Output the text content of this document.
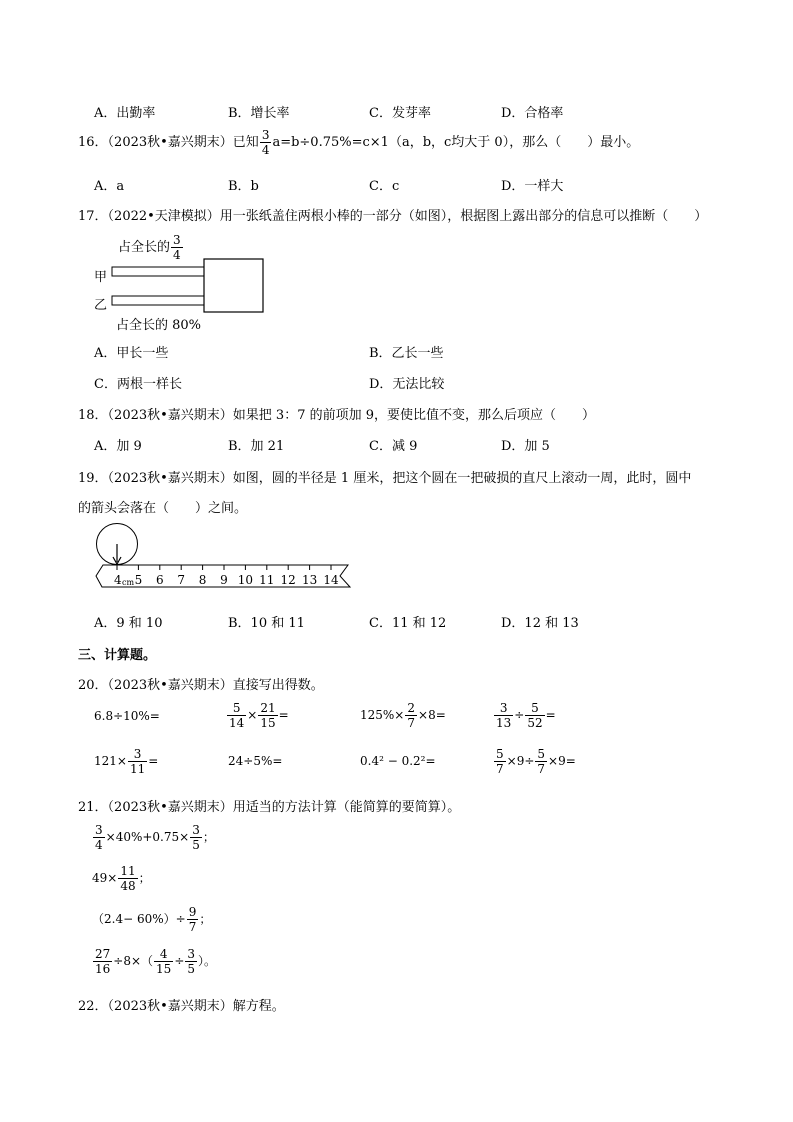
A．出勤率	B．增长率	C．发芽率	D．合格率
16．（2023秋•嘉兴期末）已知 $\frac{3}{4} a=b\div 0.75\%=c\times 1(a$，b，c均大于 0），那么（　　）最小。
A．a	B．b	C．c	D．一样大
17．（2022•天津模拟）用一张纸盖住两根小棒的一部分（如图），根据图上露出部分的信息可以推断（　　）
占全长的 $\frac{3}{4}$
甲
乙
占全长的 80%
A．甲长一些	B．乙长一些
C．两根一样长	D．无法比较
18．（2023秋•嘉兴期末）如果把 3：7 的前项加 9，要使比值不变，那么后项应（　　）
A．加 9	B．加 21	C．减 9	D．加 5
19．（2023秋•嘉兴期末）如图，圆的半径是 1 厘米，把这个圆在一把破损的直尺上滚动一周，此时，圆中
的箭头会落在（　　）之间。
4 cm 5 6 7 8 9 10 11 12 13 14
A．9 和 10	B．10 和 11	C．11 和 12	D．12 和 13
三、计算题。
20．（2023秋•嘉兴期末）直接写出得数。
6.8÷10%=	$\frac{5}{14} \times \frac{21}{15}$ =	$125\%\times \frac{2}{7} \times 8=$	$\frac{3}{13} \div \frac{5}{52}$ =
$121\times \frac{3}{11}$ =	24÷5%=	0.4² − 0.2²=	$\frac{5}{7} \times 9\div \frac{5}{7} \times 9=$
21．（2023秋•嘉兴期末）用适当的方法计算（能简算的要简算）。
$\frac{3}{4} \times 40\%+0.75\times \frac{3}{5}$ ；
$49\times \frac{11}{48}$ ；
$(2.4- 60\%)\div \frac{9}{7}$ ；
$\frac{27}{16} \div 8\times( \frac{4}{15} \div \frac{3}{5}$ ）。
22．（2023秋•嘉兴期末）解方程。
